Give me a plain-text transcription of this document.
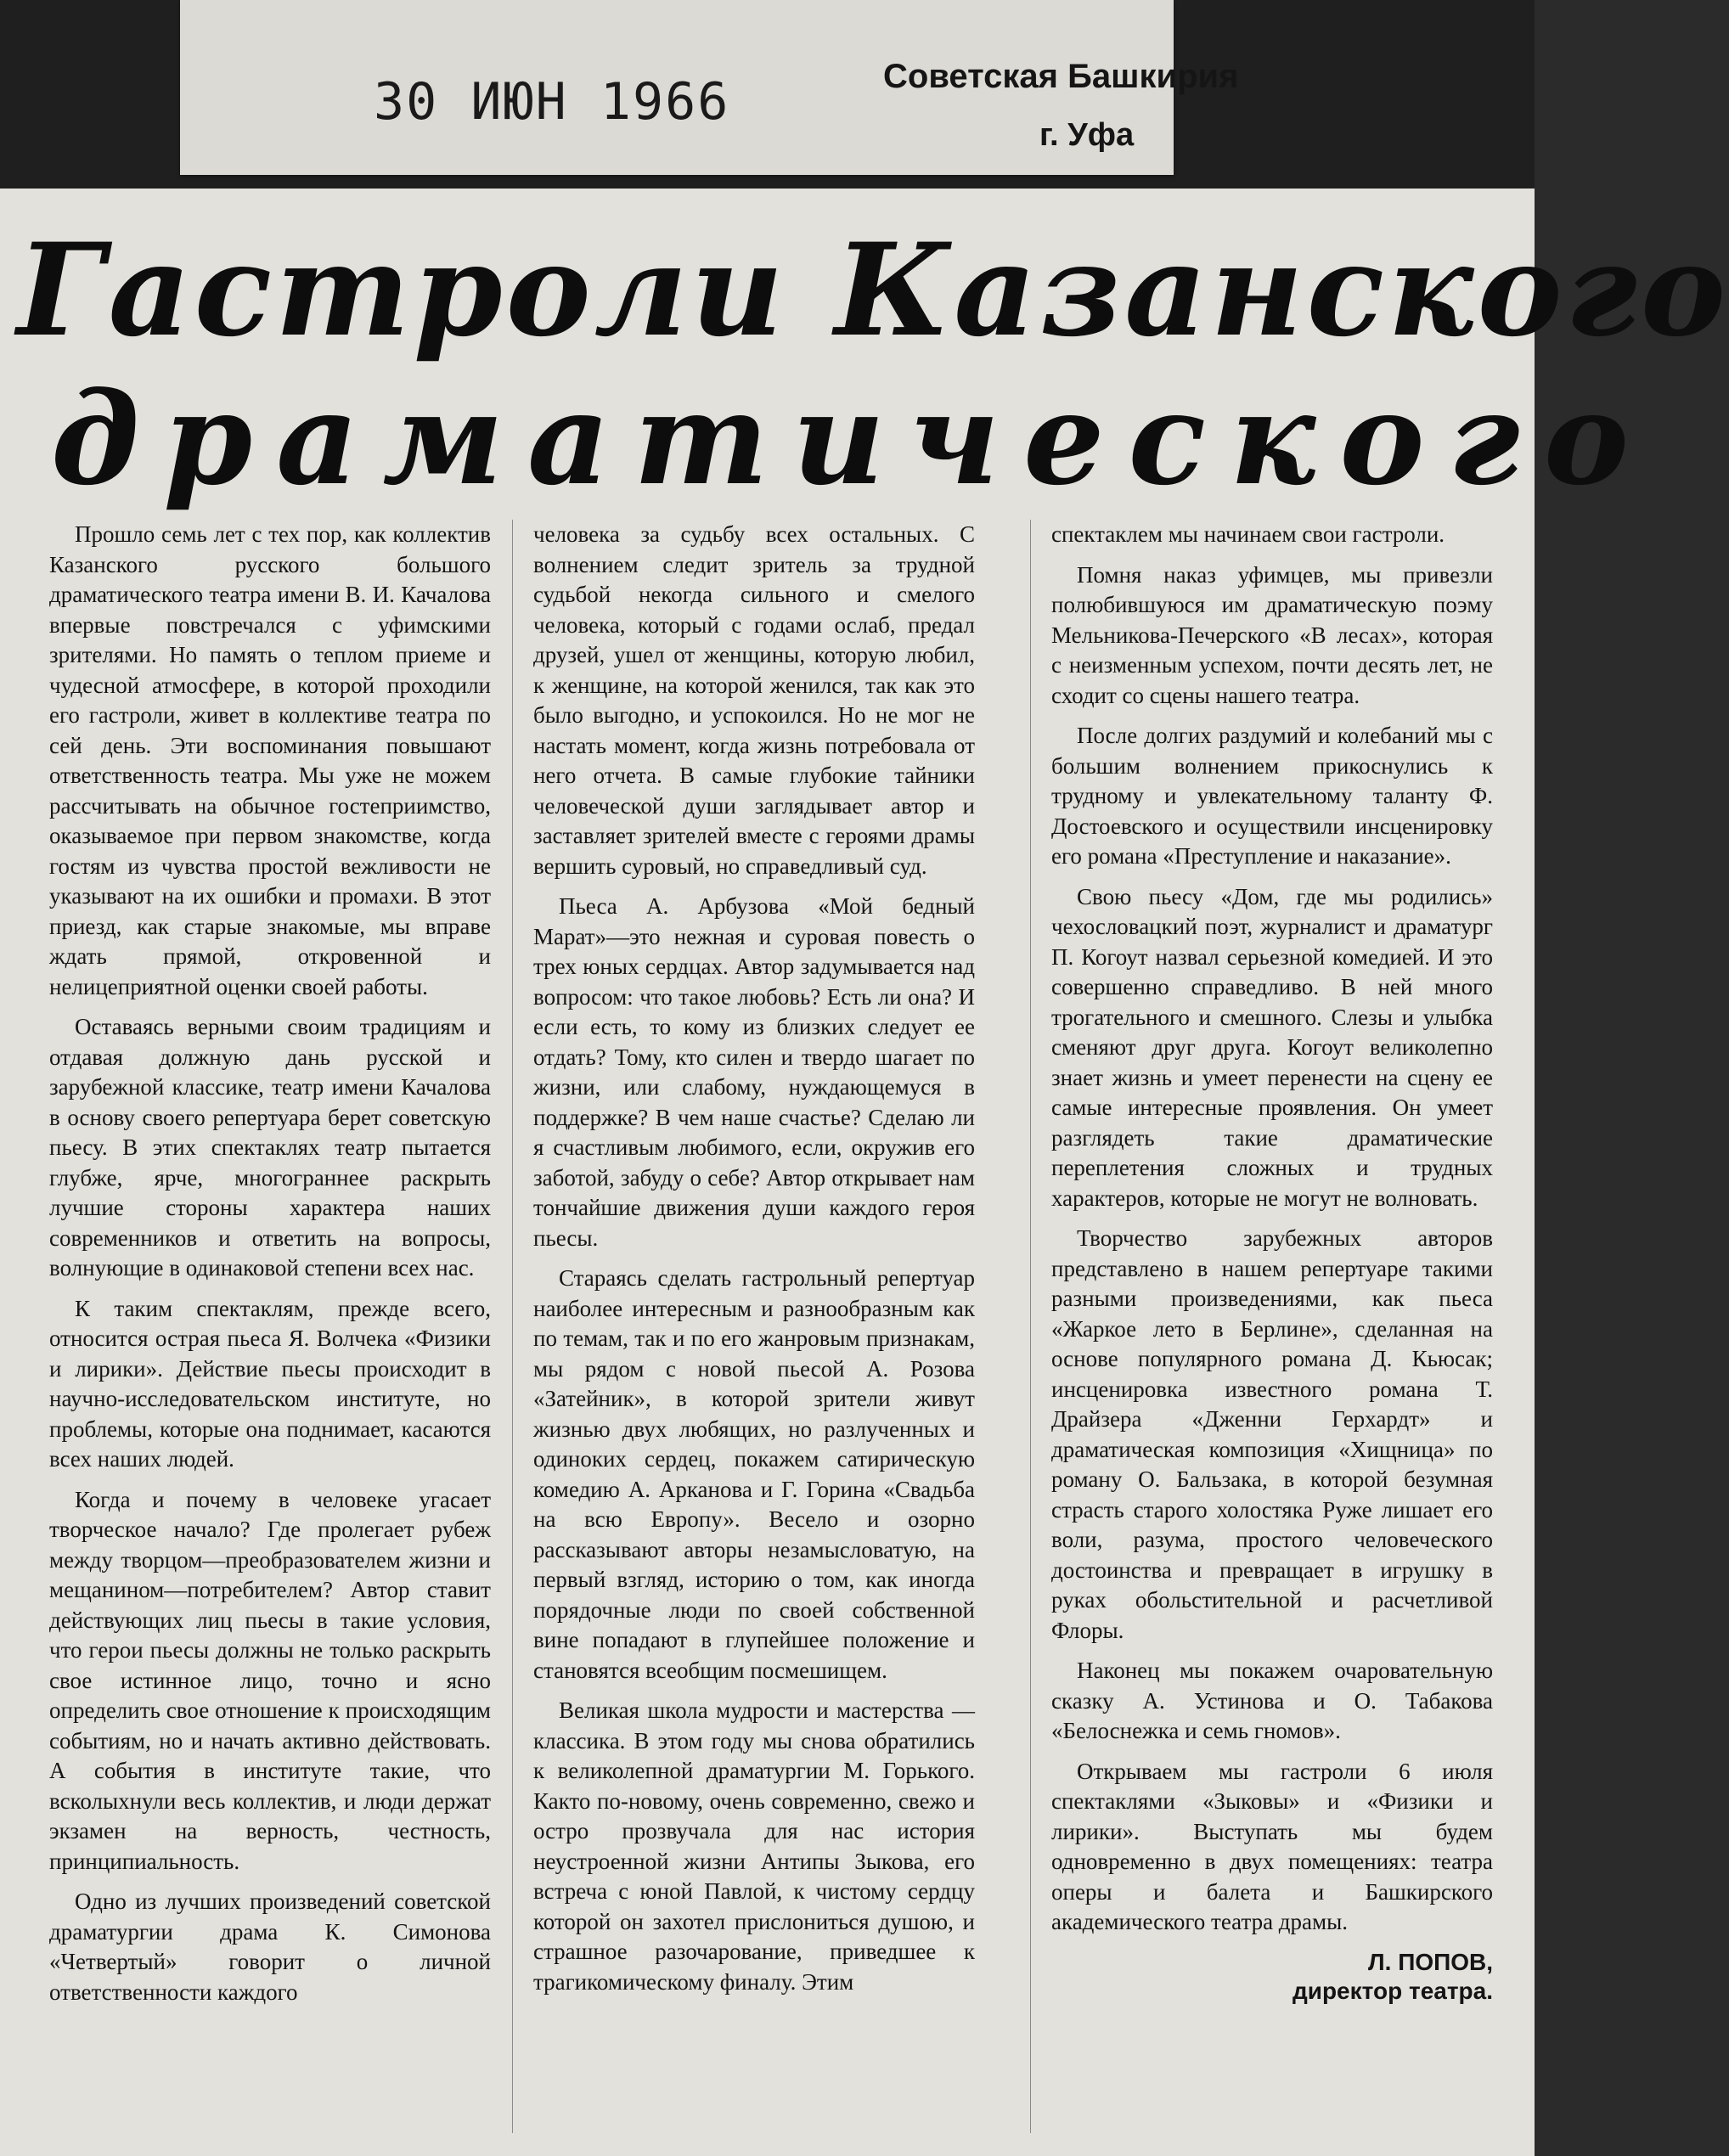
30 ИЮН 1966	Советская Башкирия
г. Уфа
Гастроли Казанского
драматического

Прошло семь лет с тех пор, как коллектив Казанского русского большого драматического театра имени В. И. Качалова впервые повстречался с уфимскими зрителями. Но память о теплом приеме и чудесной атмосфере, в которой проходили его гастроли, живет в коллективе театра по сей день. Эти воспоминания повышают ответственность театра. Мы уже не можем рассчитывать на обычное гостеприимство, оказываемое при первом знакомстве, когда гостям из чувства простой вежливости не указывают на их ошибки и промахи. В этот приезд, как старые знакомые, мы вправе ждать прямой, откровенной и нелицеприятной оценки своей работы.

Оставаясь верными своим традициям и отдавая должную дань русской и зарубежной классике, театр имени Качалова в основу своего репертуара берет советскую пьесу. В этих спектаклях театр пытается глубже, ярче, многограннее раскрыть лучшие стороны характера наших современников и ответить на вопросы, волнующие в одинаковой степени всех нас.

К таким спектаклям, прежде всего, относится острая пьеса Я. Волчека «Физики и лирики». Действие пьесы происходит в научно-исследовательском институте, но проблемы, которые она поднимает, касаются всех наших людей.

Когда и почему в человеке угасает творческое начало? Где пролегает рубеж между творцом—преобразователем жизни и мещанином—потребителем? Автор ставит действующих лиц пьесы в такие условия, что герои пьесы должны не только раскрыть свое истинное лицо, точно и ясно определить свое отношение к происходящим событиям, но и начать активно действовать. А события в институте такие, что всколыхнули весь коллектив, и люди держат экзамен на верность, честность, принципиальность.

Одно из лучших произведений советской драматургии драма К. Симонова «Четвертый» говорит о личной ответственности каждого

человека за судьбу всех остальных. С волнением следит зритель за трудной судьбой некогда сильного и смелого человека, который с годами ослаб, предал друзей, ушел от женщины, которую любил, к женщине, на которой женился, так как это было выгодно, и успокоился. Но не мог не настать момент, когда жизнь потребовала от него отчета. В самые глубокие тайники человеческой души заглядывает автор и заставляет зрителей вместе с героями драмы вершить суровый, но справедливый суд.

Пьеса А. Арбузова «Мой бедный Марат»—это нежная и суровая повесть о трех юных сердцах. Автор задумывается над вопросом: что такое любовь? Есть ли она? И если есть, то кому из близких следует ее отдать? Тому, кто силен и твердо шагает по жизни, или слабому, нуждающемуся в поддержке? В чем наше счастье? Сделаю ли я счастливым любимого, если, окружив его заботой, забуду о себе? Автор открывает нам тончайшие движения души каждого героя пьесы.

Стараясь сделать гастрольный репертуар наиболее интересным и разнообразным как по темам, так и по его жанровым признакам, мы рядом с новой пьесой А. Розова «Затейник», в которой зрители живут жизнью двух любящих, но разлученных и одиноких сердец, покажем сатирическую комедию А. Арканова и Г. Горина «Свадьба на всю Европу». Весело и озорно рассказывают авторы незамысловатую, на первый взгляд, историю о том, как иногда порядочные люди по своей собственной вине попадают в глупейшее положение и становятся всеобщим посмешищем.

Великая школа мудрости и мастерства — классика. В этом году мы снова обратились к великолепной драматургии М. Горького. Както по-новому, очень современно, свежо и остро прозвучала для нас история неустроенной жизни Антипы Зыкова, его встреча с юной Павлой, к чистому сердцу которой он захотел прислониться душою, и страшное разочарование, приведшее к трагикомическому финалу. Этим

спектаклем мы начинаем свои гастроли.

Помня наказ уфимцев, мы привезли полюбившуюся им драматическую поэму Мельникова-Печерского «В лесах», которая с неизменным успехом, почти десять лет, не сходит со сцены нашего театра.

После долгих раздумий и колебаний мы с большим волнением прикоснулись к трудному и увлекательному таланту Ф. Достоевского и осуществили инсценировку его романа «Преступление и наказание».

Свою пьесу «Дом, где мы родились» чехословацкий поэт, журналист и драматург П. Когоут назвал серьезной комедией. И это совершенно справедливо. В ней много трогательного и смешного. Слезы и улыбка сменяют друг друга. Когоут великолепно знает жизнь и умеет перенести на сцену ее самые интересные проявления. Он умеет разглядеть такие драматические переплетения сложных и трудных характеров, которые не могут не волновать.

Творчество зарубежных авторов представлено в нашем репертуаре такими разными произведениями, как пьеса «Жаркое лето в Берлине», сделанная на основе популярного романа Д. Кьюсак; инсценировка известного романа Т. Драйзера «Дженни Герхардт» и драматическая композиция «Хищница» по роману О. Бальзака, в которой безумная страсть старого холостяка Руже лишает его воли, разума, простого человеческого достоинства и превращает в игрушку в руках обольстительной и расчетливой Флоры.

Наконец мы покажем очаровательную сказку А. Устинова и О. Табакова «Белоснежка и семь гномов».

Открываем мы гастроли 6 июля спектаклями «Зыковы» и «Физики и лирики». Выступать мы будем одновременно в двух помещениях: театра оперы и балета и Башкирского академического театра драмы.

Л. ПОПОВ,
директор театра.
